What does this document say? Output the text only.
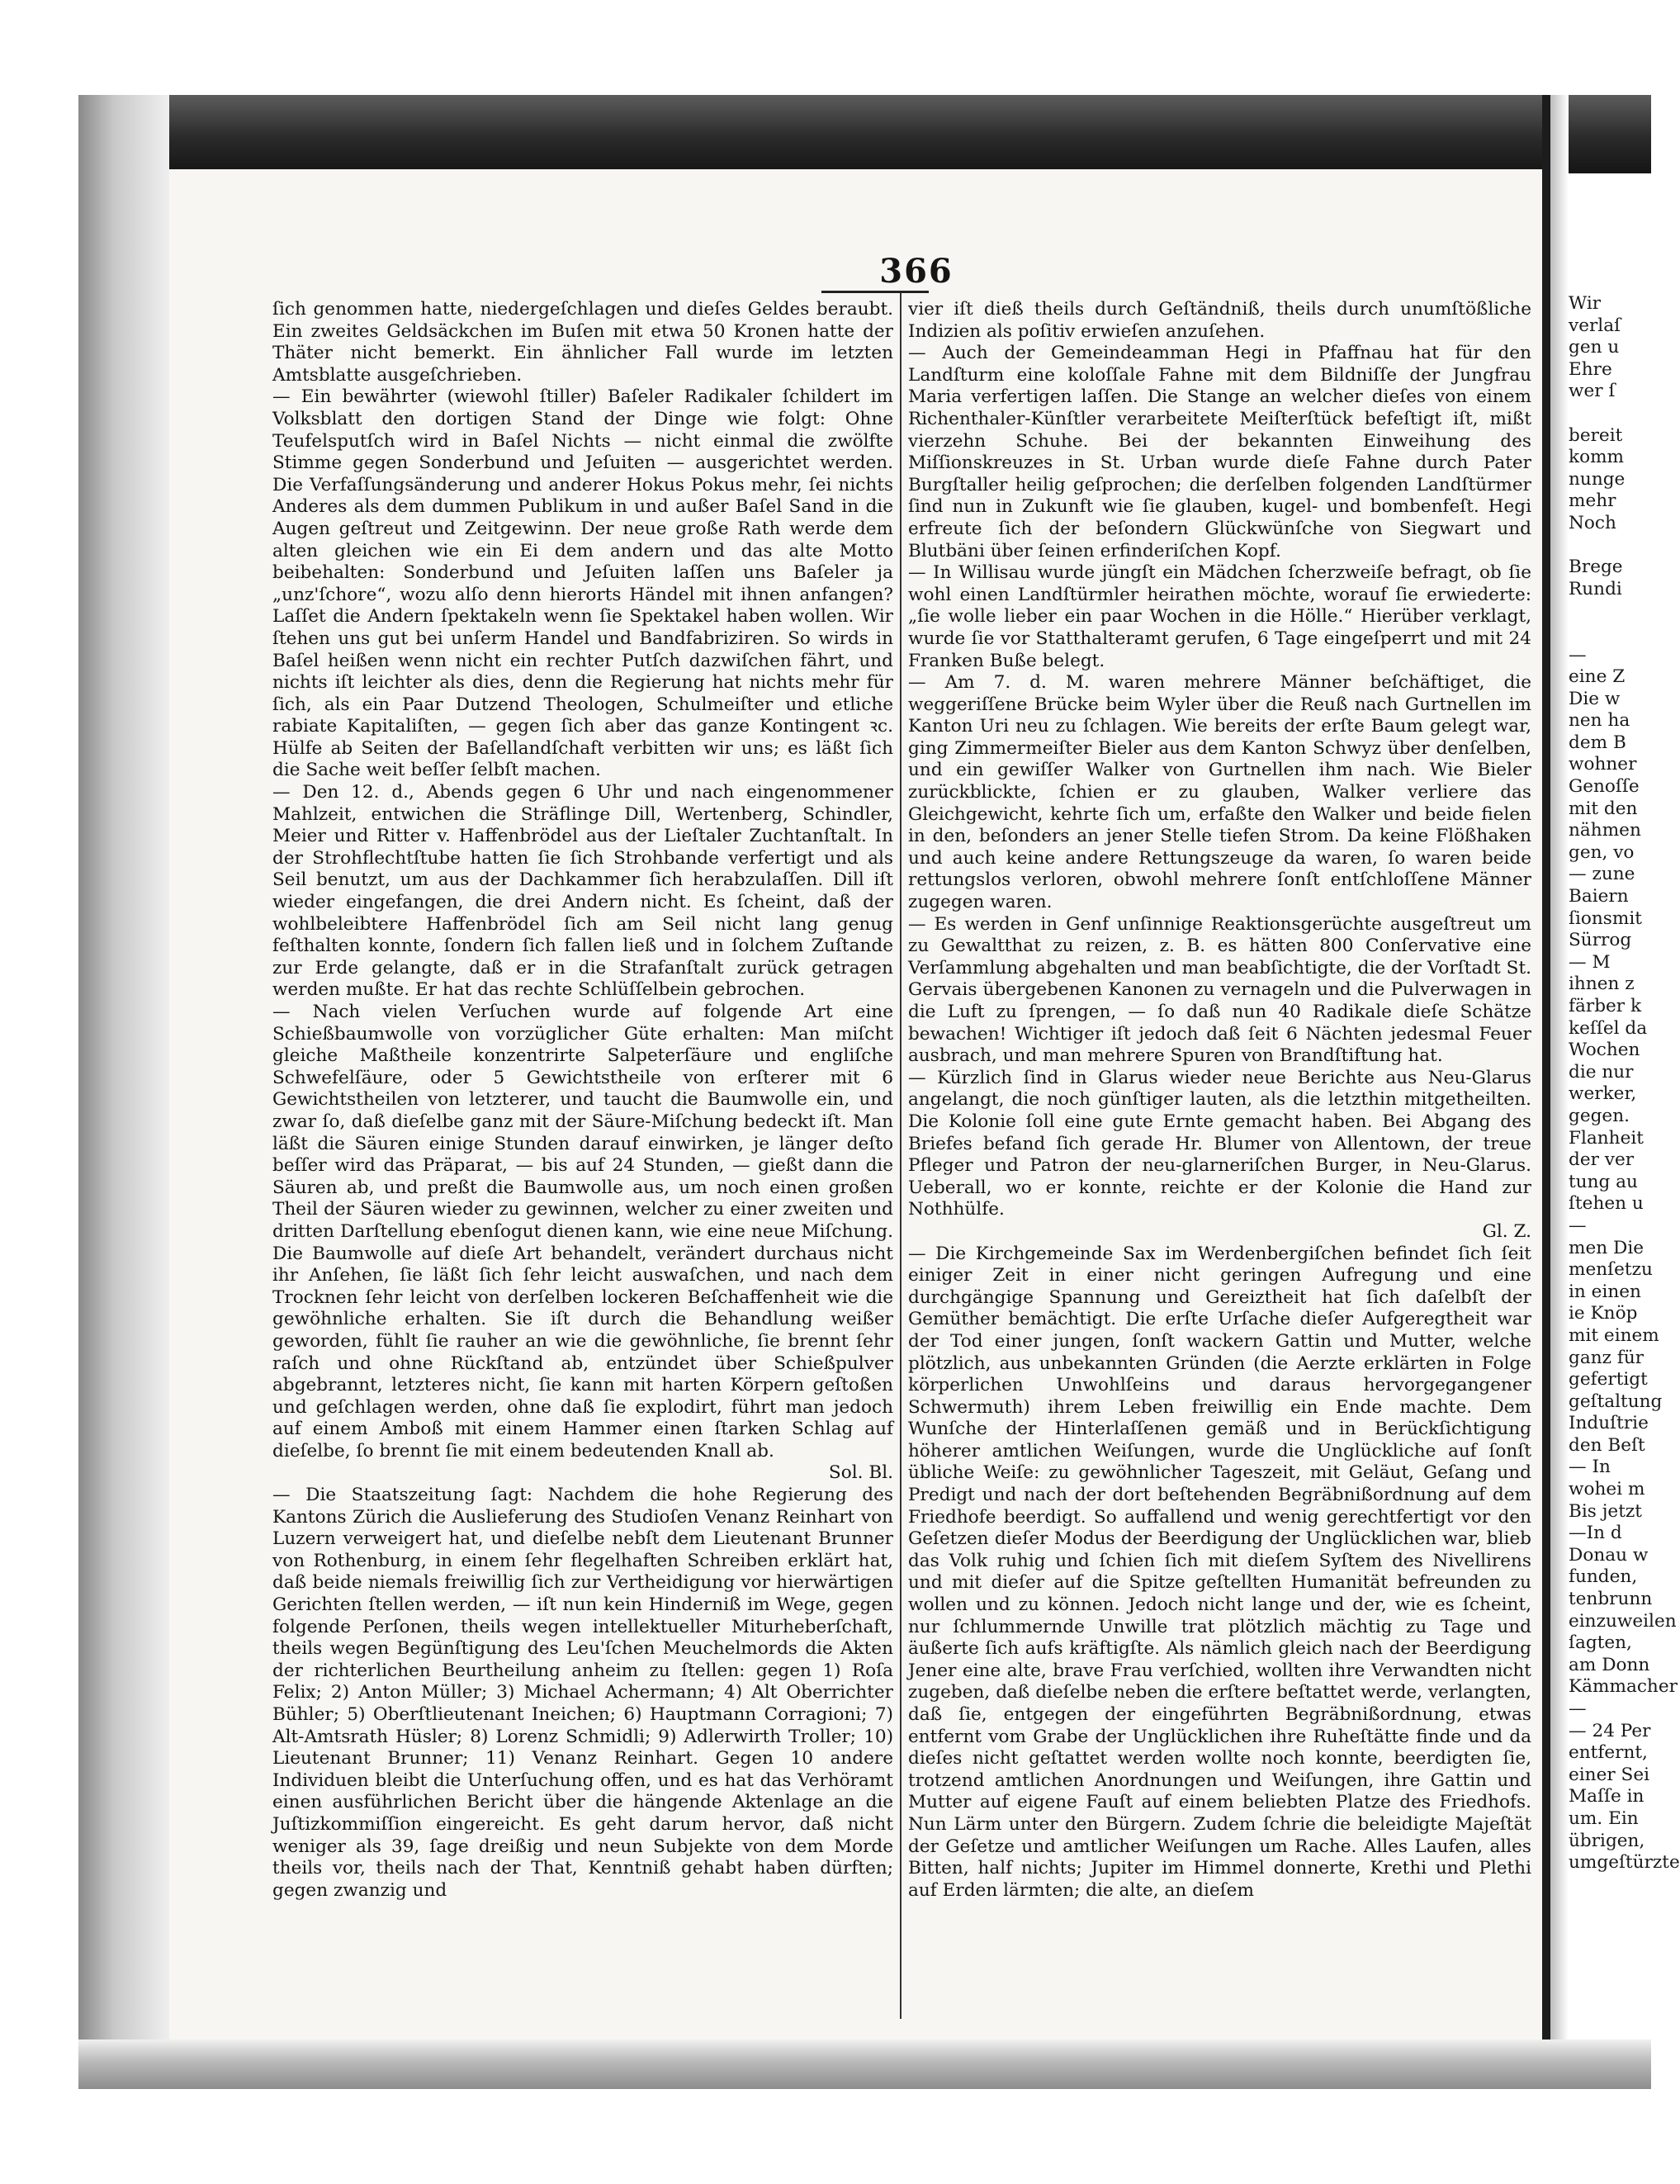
366

ſich genommen hatte, niedergeſchlagen und dieſes Geldes beraubt. Ein zweites Geldsäckchen im Buſen mit etwa 50 Kronen hatte der Thäter nicht bemerkt. Ein ähnlicher Fall wurde im letzten Amtsblatte ausgeſchrieben.

— Ein bewährter (wiewohl ſtiller) Baſeler Radikaler ſchildert im Volksblatt den dortigen Stand der Dinge wie folgt: Ohne Teufelsputſch wird in Baſel Nichts — nicht einmal die zwölfte Stimme gegen Sonderbund und Jeſuiten — ausgerichtet werden. Die Verfaſſungsänderung und anderer Hokus Pokus mehr, ſei nichts Anderes als dem dummen Publikum in und außer Baſel Sand in die Augen geſtreut und Zeitgewinn. Der neue große Rath werde dem alten gleichen wie ein Ei dem andern und das alte Motto beibehalten: Sonderbund und Jeſuiten laſſen uns Baſeler ja „unz'ſchore“, wozu alſo denn hierorts Händel mit ihnen anfangen? Laſſet die Andern ſpektakeln wenn ſie Spektakel haben wollen. Wir ſtehen uns gut bei unſerm Handel und Bandfabriziren. So wirds in Baſel heißen wenn nicht ein rechter Putſch dazwiſchen fährt, und nichts iſt leichter als dies, denn die Regierung hat nichts mehr für ſich, als ein Paar Dutzend Theologen, Schulmeiſter und etliche rabiate Kapitaliſten, — gegen ſich aber das ganze Kontingent ꝛc. Hülfe ab Seiten der Baſellandſchaft verbitten wir uns; es läßt ſich die Sache weit beſſer ſelbſt machen.

— Den 12. d., Abends gegen 6 Uhr und nach eingenommener Mahlzeit, entwichen die Sträflinge Dill, Wertenberg, Schindler, Meier und Ritter v. Haffenbrödel aus der Lieſtaler Zuchtanſtalt. In der Strohflechtſtube hatten ſie ſich Strohbande verfertigt und als Seil benutzt, um aus der Dachkammer ſich herabzulaſſen. Dill iſt wieder eingefangen, die drei Andern nicht. Es ſcheint, daß der wohlbeleibtere Haffenbrödel ſich am Seil nicht lang genug feſthalten konnte, ſondern ſich fallen ließ und in ſolchem Zuſtande zur Erde gelangte, daß er in die Strafanſtalt zurück getragen werden mußte. Er hat das rechte Schlüſſelbein gebrochen.

— Nach vielen Verſuchen wurde auf folgende Art eine Schießbaumwolle von vorzüglicher Güte erhalten: Man miſcht gleiche Maßtheile konzentrirte Salpeterſäure und engliſche Schwefelſäure, oder 5 Gewichtstheile von erſterer mit 6 Gewichtstheilen von letzterer, und taucht die Baumwolle ein, und zwar ſo, daß dieſelbe ganz mit der Säure-Miſchung bedeckt iſt. Man läßt die Säuren einige Stunden darauf einwirken, je länger deſto beſſer wird das Präparat, — bis auf 24 Stunden, — gießt dann die Säuren ab, und preßt die Baumwolle aus, um noch einen großen Theil der Säuren wieder zu gewinnen, welcher zu einer zweiten und dritten Darſtellung ebenſogut dienen kann, wie eine neue Miſchung. Die Baumwolle auf dieſe Art behandelt, verändert durchaus nicht ihr Anſehen, ſie läßt ſich ſehr leicht auswaſchen, und nach dem Trocknen ſehr leicht von derſelben lockeren Beſchaffenheit wie die gewöhnliche erhalten. Sie iſt durch die Behandlung weißer geworden, fühlt ſie rauher an wie die gewöhnliche, ſie brennt ſehr raſch und ohne Rückſtand ab, entzündet über Schießpulver abgebrannt, letzteres nicht, ſie kann mit harten Körpern geſtoßen und geſchlagen werden, ohne daß ſie explodirt, führt man jedoch auf einem Amboß mit einem Hammer einen ſtarken Schlag auf dieſelbe, ſo brennt ſie mit einem bedeutenden Knall ab.

Sol. Bl.

— Die Staatszeitung ſagt: Nachdem die hohe Regierung des Kantons Zürich die Auslieferung des Studioſen Venanz Reinhart von Luzern verweigert hat, und dieſelbe nebſt dem Lieutenant Brunner von Rothenburg, in einem ſehr flegelhaften Schreiben erklärt hat, daß beide niemals freiwillig ſich zur Vertheidigung vor hierwärtigen Gerichten ſtellen werden, — iſt nun kein Hinderniß im Wege, gegen folgende Perſonen, theils wegen intellektueller Miturheberſchaft, theils wegen Begünſtigung des Leu'ſchen Meuchelmords die Akten der richterlichen Beurtheilung anheim zu ſtellen: gegen 1) Roſa Felix; 2) Anton Müller; 3) Michael Achermann; 4) Alt Oberrichter Bühler; 5) Oberſtlieutenant Ineichen; 6) Hauptmann Corragioni; 7) Alt-Amtsrath Hüsler; 8) Lorenz Schmidli; 9) Adlerwirth Troller; 10) Lieutenant Brunner; 11) Venanz Reinhart. Gegen 10 andere Individuen bleibt die Unterſuchung offen, und es hat das Verhöramt einen ausführlichen Bericht über die hängende Aktenlage an die Juſtizkommiſſion eingereicht. Es geht darum hervor, daß nicht weniger als 39, ſage dreißig und neun Subjekte von dem Morde theils vor, theils nach der That, Kenntniß gehabt haben dürften; gegen zwanzig und

vier iſt dieß theils durch Geſtändniß, theils durch unumſtößliche Indizien als poſitiv erwieſen anzuſehen.

— Auch der Gemeindeamman Hegi in Pfaffnau hat für den Landſturm eine koloſſale Fahne mit dem Bildniſſe der Jungfrau Maria verfertigen laſſen. Die Stange an welcher dieſes von einem Richenthaler-Künſtler verarbeitete Meiſterſtück befeſtigt iſt, mißt vierzehn Schuhe. Bei der bekannten Einweihung des Miſſionskreuzes in St. Urban wurde dieſe Fahne durch Pater Burgſtaller heilig geſprochen; die derſelben folgenden Landſtürmer ſind nun in Zukunft wie ſie glauben, kugel- und bombenfeſt. Hegi erfreute ſich der beſondern Glückwünſche von Siegwart und Blutbäni über ſeinen erfinderiſchen Kopf.

— In Willisau wurde jüngſt ein Mädchen ſcherzweiſe befragt, ob ſie wohl einen Landſtürmler heirathen möchte, worauf ſie erwiederte: „ſie wolle lieber ein paar Wochen in die Hölle.“ Hierüber verklagt, wurde ſie vor Statthalteramt gerufen, 6 Tage eingeſperrt und mit 24 Franken Buße belegt.

— Am 7. d. M. waren mehrere Männer beſchäftiget, die weggeriſſene Brücke beim Wyler über die Reuß nach Gurtnellen im Kanton Uri neu zu ſchlagen. Wie bereits der erſte Baum gelegt war, ging Zimmermeiſter Bieler aus dem Kanton Schwyz über denſelben, und ein gewiſſer Walker von Gurtnellen ihm nach. Wie Bieler zurückblickte, ſchien er zu glauben, Walker verliere das Gleichgewicht, kehrte ſich um, erfaßte den Walker und beide fielen in den, beſonders an jener Stelle tiefen Strom. Da keine Flößhaken und auch keine andere Rettungszeuge da waren, ſo waren beide rettungslos verloren, obwohl mehrere ſonſt entſchloſſene Männer zugegen waren.

— Es werden in Genf unſinnige Reaktionsgerüchte ausgeſtreut um zu Gewaltthat zu reizen, z. B. es hätten 800 Conſervative eine Verſammlung abgehalten und man beabſichtigte, die der Vorſtadt St. Gervais übergebenen Kanonen zu vernageln und die Pulverwagen in die Luft zu ſprengen, — ſo daß nun 40 Radikale dieſe Schätze bewachen! Wichtiger iſt jedoch daß ſeit 6 Nächten jedesmal Feuer ausbrach, und man mehrere Spuren von Brandſtiftung hat.

— Kürzlich ſind in Glarus wieder neue Berichte aus Neu-Glarus angelangt, die noch günſtiger lauten, als die letzthin mitgetheilten. Die Kolonie ſoll eine gute Ernte gemacht haben. Bei Abgang des Briefes befand ſich gerade Hr. Blumer von Allentown, der treue Pfleger und Patron der neu-glarneriſchen Burger, in Neu-Glarus. Ueberall, wo er konnte, reichte er der Kolonie die Hand zur Nothhülfe.

Gl. Z.

— Die Kirchgemeinde Sax im Werdenbergiſchen befindet ſich ſeit einiger Zeit in einer nicht geringen Aufregung und eine durchgängige Spannung und Gereiztheit hat ſich daſelbſt der Gemüther bemächtigt. Die erſte Urſache dieſer Aufgeregtheit war der Tod einer jungen, ſonſt wackern Gattin und Mutter, welche plötzlich, aus unbekannten Gründen (die Aerzte erklärten in Folge körperlichen Unwohlſeins und daraus hervorgegangener Schwermuth) ihrem Leben freiwillig ein Ende machte. Dem Wunſche der Hinterlaſſenen gemäß und in Berückſichtigung höherer amtlichen Weiſungen, wurde die Unglückliche auf ſonſt übliche Weiſe: zu gewöhnlicher Tageszeit, mit Geläut, Geſang und Predigt und nach der dort beſtehenden Begräbnißordnung auf dem Friedhofe beerdigt. So auffallend und wenig gerechtfertigt vor den Geſetzen dieſer Modus der Beerdigung der Unglücklichen war, blieb das Volk ruhig und ſchien ſich mit dieſem Syſtem des Nivellirens und mit dieſer auf die Spitze geſtellten Humanität befreunden zu wollen und zu können. Jedoch nicht lange und der, wie es ſcheint, nur ſchlummernde Unwille trat plötzlich mächtig zu Tage und äußerte ſich aufs kräftigſte. Als nämlich gleich nach der Beerdigung Jener eine alte, brave Frau verſchied, wollten ihre Verwandten nicht zugeben, daß dieſelbe neben die erſtere beſtattet werde, verlangten, daß ſie, entgegen der eingeführten Begräbnißordnung, etwas entfernt vom Grabe der Unglücklichen ihre Ruheſtätte finde und da dieſes nicht geſtattet werden wollte noch konnte, beerdigten ſie, trotzend amtlichen Anordnungen und Weiſungen, ihre Gattin und Mutter auf eigene Fauſt auf einem beliebten Platze des Friedhofs. Nun Lärm unter den Bürgern. Zudem ſchrie die beleidigte Majeſtät der Geſetze und amtlicher Weiſungen um Rache. Alles Laufen, alles Bitten, half nichts; Jupiter im Himmel donnerte, Krethi und Plethi auf Erden lärmten; die alte, an dieſem

Wir
verlaſ
gen u
Ehre
wer ſ

bereit
komm
nunge
mehr
Noch

Brege
Rundi

—
eine Z
Die w
nen ha
dem B
wohner
Genoſſe
mit den
nähmen
gen, vo
— zune
Baiern
ſionsmit
Sürrog
— M
ihnen z
färber k
keſſel da
Wochen
die nur
werker,
gegen.
Flanheit
der ver
tung au
ſtehen u
—
men Die
menſetzu
in einen
ie Knöp
mit einem
ganz für
gefertigt
geſtaltung
Induſtrie
den Beſt
— In
wohei m
Bis jetzt
—In d
Donau w
funden,
tenbrunn
einzuweilen
ſagten,
am Donn
Kämmacher
—
— 24 Per
entfernt,
einer Sei
Maſſe in
um. Ein
übrigen,
umgeſtürzte
